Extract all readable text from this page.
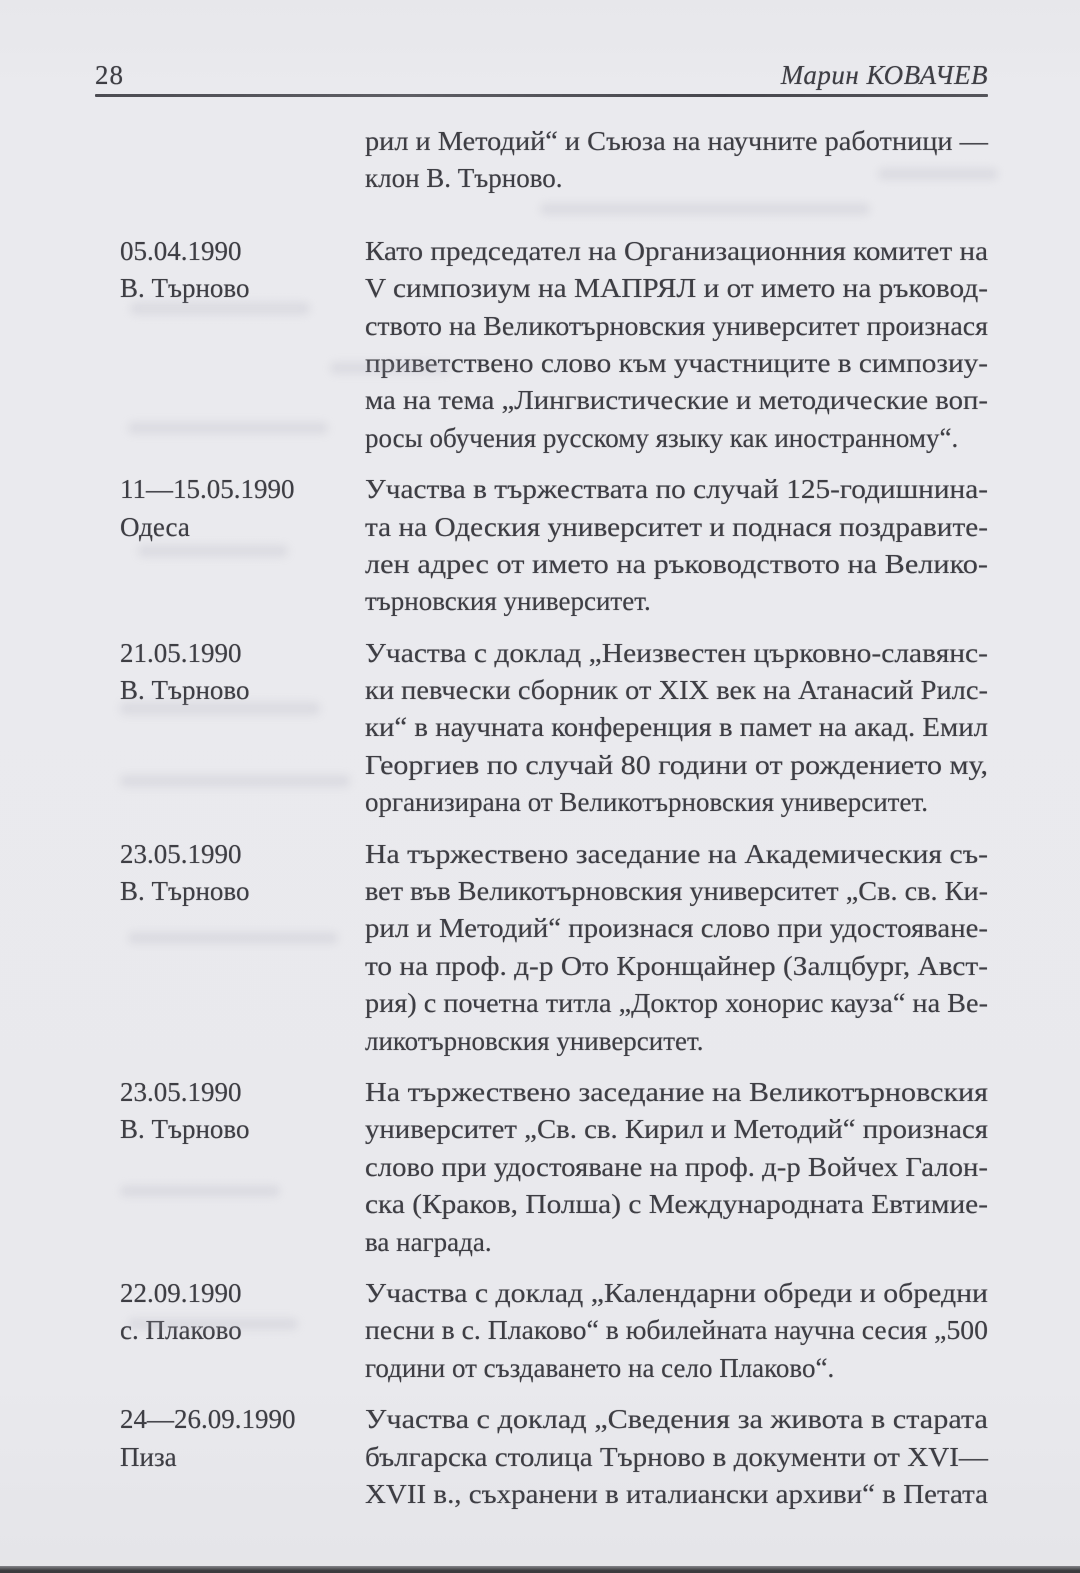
28	Марин КОВАЧЕВ
рил и Методий“ и Съюза на научните работници —
клон В. Търново.
05.04.1990
В. Търново
Като председател на Организационния комитет на
V симпозиум на МАПРЯЛ и от името на ръковод-
ството на Великотърновския университет произнася
приветствено слово към участниците в симпозиу-
ма на тема „Лингвистические и методические воп-
росы обучения русскому языку как иностранному“.
11—15.05.1990
Одеса
Участва в тържествата по случай 125-годишнина-
та на Одеския университет и поднася поздравите-
лен адрес от името на ръководството на Велико-
търновския университет.
21.05.1990
В. Търново
Участва с доклад „Неизвестен църковно-славянс-
ки певчески сборник от XIX век на Атанасий Рилс-
ки“ в научната конференция в памет на акад. Емил
Георгиев по случай 80 години от рождението му,
организирана от Великотърновския университет.
23.05.1990
В. Търново
На тържествено заседание на Академическия съ-
вет във Великотърновския университет „Св. св. Ки-
рил и Методий“ произнася слово при удостояване-
то на проф. д-р Ото Кронщайнер (Залцбург, Авст-
рия) с почетна титла „Доктор хонорис кауза“ на Ве-
ликотърновския университет.
23.05.1990
В. Търново
На тържествено заседание на Великотърновския
университет „Св. св. Кирил и Методий“ произнася
слово при удостояване на проф. д-р Войчех Галон-
ска (Краков, Полша) с Международната Евтимие-
ва награда.
22.09.1990
с. Плаково
Участва с доклад „Календарни обреди и обредни
песни в с. Плаково“ в юбилейната научна сесия „500
години от създаването на село Плаково“.
24—26.09.1990
Пиза
Участва с доклад „Сведения за живота в старата
българска столица Търново в документи от XVI—
XVII в., съхранени в италиански архиви“ в Петата
